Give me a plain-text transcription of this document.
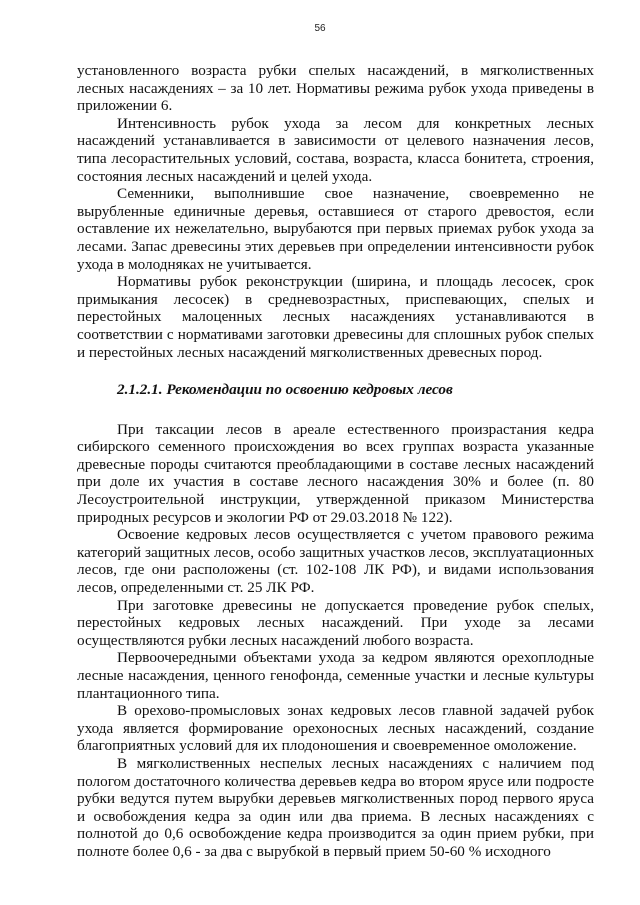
56

установленного возраста рубки спелых насаждений, в мягколиственных лесных насаждениях – за 10 лет. Нормативы режима рубок ухода приведены в приложении 6.

Интенсивность рубок ухода за лесом для конкретных лесных насаждений устанавливается в зависимости от целевого назначения лесов, типа лесорастительных условий, состава, возраста, класса бонитета, строения, состояния лесных насаждений и целей ухода.

Семенники, выполнившие свое назначение, своевременно не вырубленные единичные деревья, оставшиеся от старого древостоя, если оставление их нежелательно, вырубаются при первых приемах рубок ухода за лесами. Запас древесины этих деревьев при определении интенсивности рубок ухода в молодняках не учитывается.

Нормативы рубок реконструкции (ширина, и площадь лесосек, срок примыкания лесосек) в средневозрастных, приспевающих, спелых и перестойных малоценных лесных насаждениях устанавливаются в соответствии с нормативами заготовки древесины для сплошных рубок спелых и перестойных лесных насаждений мягколиственных древесных пород.

2.1.2.1. Рекомендации по освоению кедровых лесов

При таксации лесов в ареале естественного произрастания кедра сибирского семенного происхождения во всех группах возраста указанные древесные породы считаются преобладающими в составе лесных насаждений при доле их участия в составе лесного насаждения 30% и более (п. 80 Лесоустроительной инструкции, утвержденной приказом Министерства природных ресурсов и экологии РФ от 29.03.2018 № 122).

Освоение кедровых лесов осуществляется с учетом правового режима категорий защитных лесов, особо защитных участков лесов, эксплуатационных лесов, где они расположены (ст. 102-108 ЛК РФ), и видами использования лесов, определенными ст. 25 ЛК РФ.

При заготовке древесины не допускается проведение рубок спелых, перестойных кедровых лесных насаждений. При уходе за лесами осуществляются рубки лесных насаждений любого возраста.

Первоочередными объектами ухода за кедром являются орехоплодные лесные насаждения, ценного генофонда, семенные участки и лесные культуры плантационного типа.

В орехово-промысловых зонах кедровых лесов главной задачей рубок ухода является формирование орехоносных лесных насаждений, создание благоприятных условий для их плодоношения и своевременное омоложение.

В мягколиственных неспелых лесных насаждениях с наличием под пологом достаточного количества деревьев кедра во втором ярусе или подросте рубки ведутся путем вырубки деревьев мягколиственных пород первого яруса и освобождения кедра за один или два приема. В лесных насаждениях с полнотой до 0,6 освобождение кедра производится за один прием рубки, при полноте более 0,6 - за два с вырубкой в первый прием 50-60 % исходного
